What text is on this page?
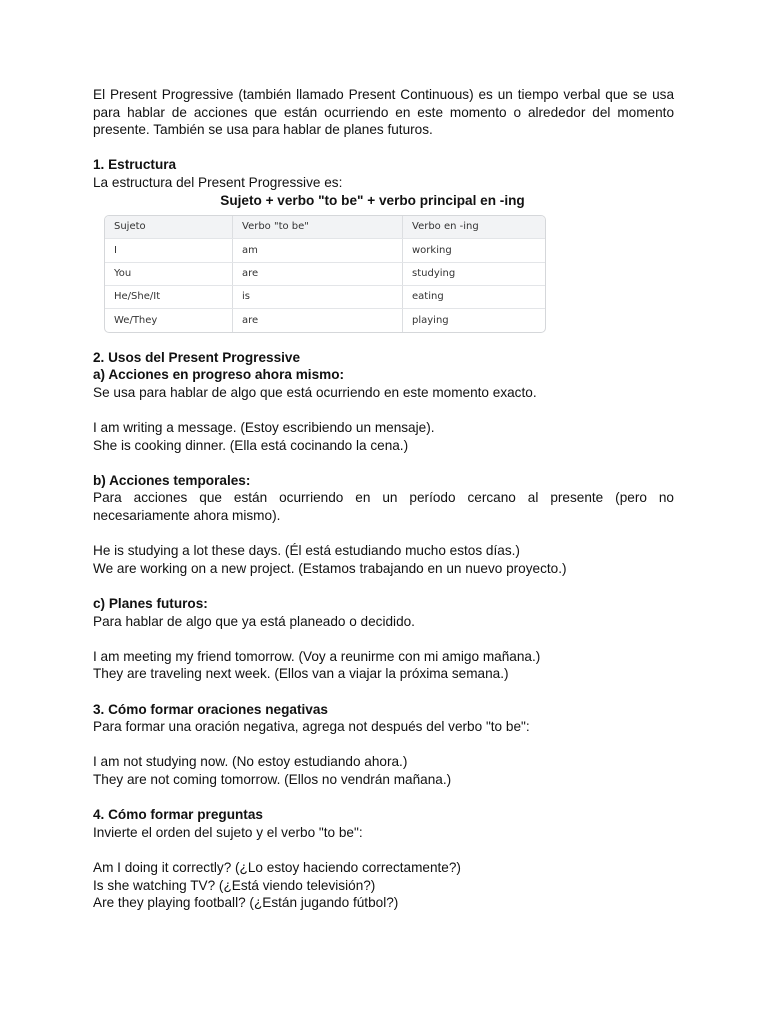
El Present Progressive (también llamado Present Continuous) es un tiempo verbal que se usa para hablar de acciones que están ocurriendo en este momento o alrededor del momento presente. También se usa para hablar de planes futuros.

1. Estructura

La estructura del Present Progressive es:

Sujeto + verbo "to be" + verbo principal en -ing

Sujeto	Verbo "to be"	Verbo en -ing
I	am	working
You	are	studying
He/She/It	is	eating
We/They	are	playing

2. Usos del Present Progressive

a) Acciones en progreso ahora mismo:

Se usa para hablar de algo que está ocurriendo en este momento exacto.

I am writing a message. (Estoy escribiendo un mensaje).

She is cooking dinner. (Ella está cocinando la cena.)

b) Acciones temporales:

Para acciones que están ocurriendo en un período cercano al presente (pero no necesariamente ahora mismo).

He is studying a lot these days. (Él está estudiando mucho estos días.)

We are working on a new project. (Estamos trabajando en un nuevo proyecto.)

c) Planes futuros:

Para hablar de algo que ya está planeado o decidido.

I am meeting my friend tomorrow. (Voy a reunirme con mi amigo mañana.)

They are traveling next week. (Ellos van a viajar la próxima semana.)

3. Cómo formar oraciones negativas

Para formar una oración negativa, agrega not después del verbo "to be":

I am not studying now. (No estoy estudiando ahora.)

They are not coming tomorrow. (Ellos no vendrán mañana.)

4. Cómo formar preguntas

Invierte el orden del sujeto y el verbo "to be":

Am I doing it correctly? (¿Lo estoy haciendo correctamente?)

Is she watching TV? (¿Está viendo televisión?)

Are they playing football? (¿Están jugando fútbol?)
